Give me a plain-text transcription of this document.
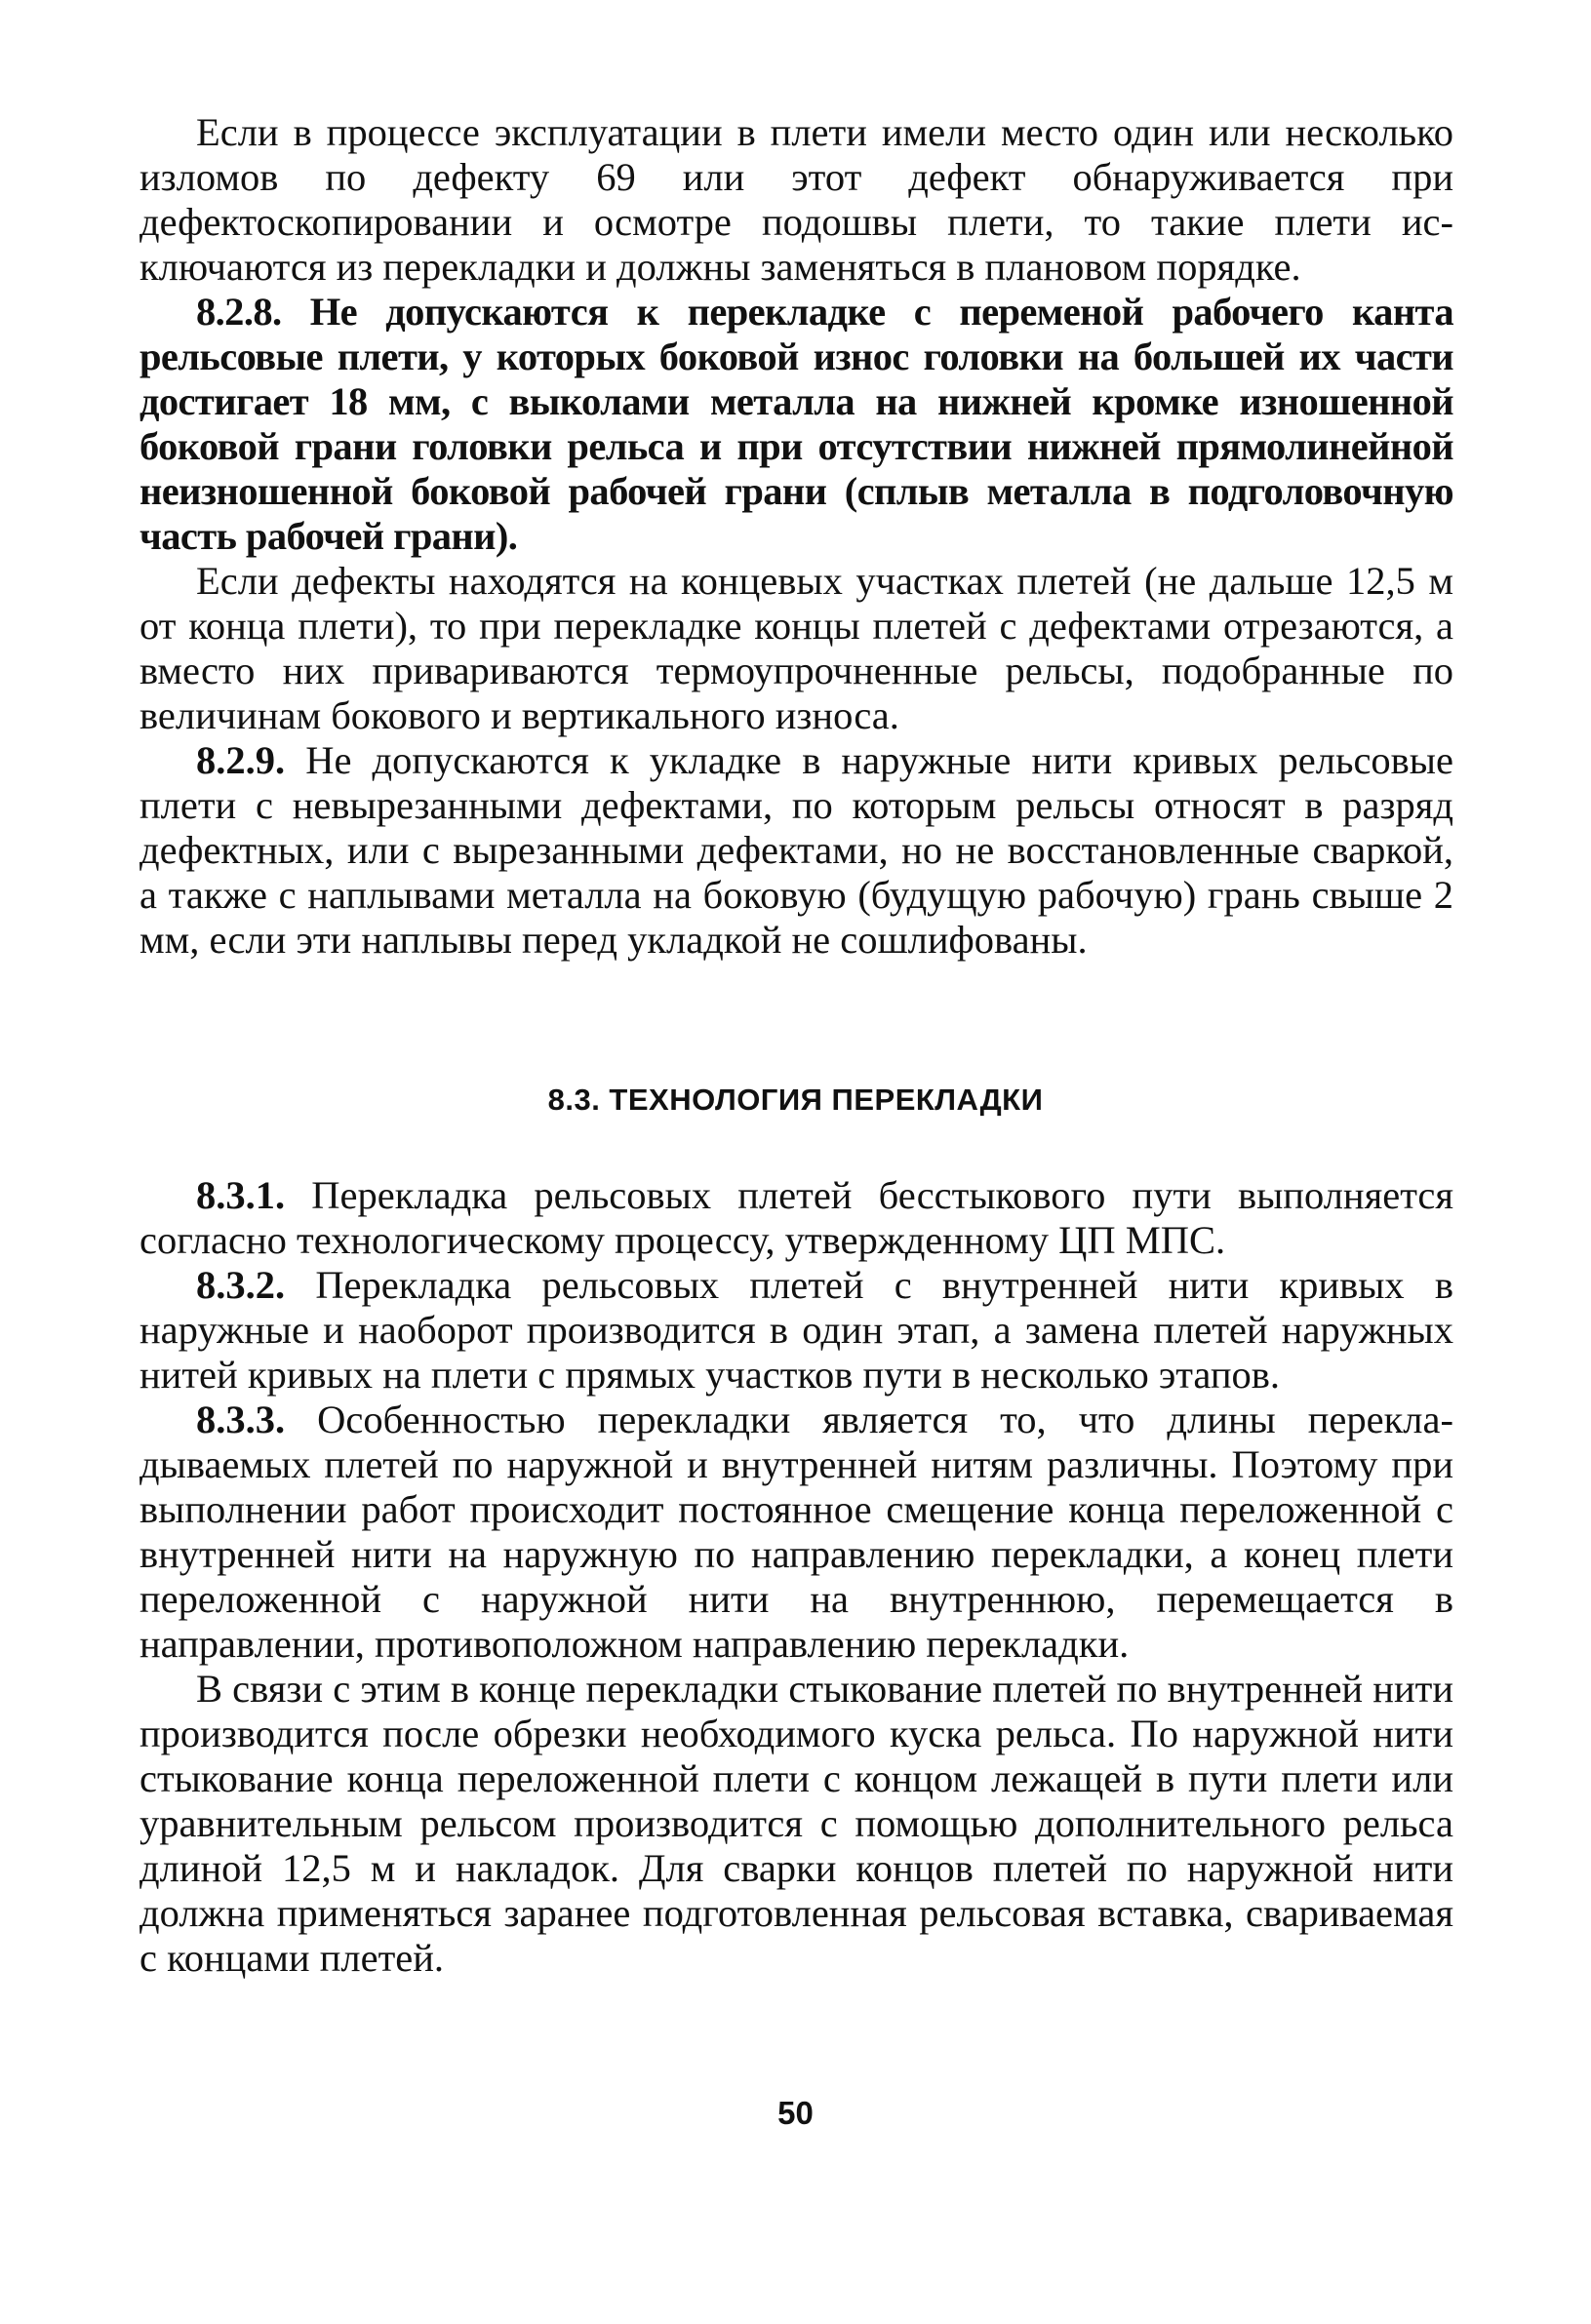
Если в процессе эксплуатации в плети имели место один или несколько изломов по дефекту 69 или этот дефект обнаруживается при дефектоскопировании и осмотре подошвы плети, то такие плети исключаются из перекладки и должны заменяться в плановом порядке.

8.2.8. Не допускаются к перекладке с переменой рабочего канта рельсовые плети, у которых боковой износ головки на большей их части достигает 18 мм, с выколами металла на нижней кромке изношенной боковой грани головки рельса и при отсутствии нижней прямолинейной неизношенной боковой рабочей грани (сплыв металла в подголовочную часть рабочей грани).

Если дефекты находятся на концевых участках плетей (не дальше 12,5 м от конца плети), то при перекладке концы плетей с дефектами отрезаются, а вместо них привариваются термоупрочненные рельсы, подобранные по величинам бокового и вертикального износа.

8.2.9. Не допускаются к укладке в наружные нити кривых рельсовые плети с невырезанными дефектами, по которым рельсы относят в разряд дефектных, или с вырезанными дефектами, но не восстановленные сваркой, а также с наплывами металла на боковую (будущую рабочую) грань свыше 2 мм, если эти наплывы перед укладкой не сошлифованы.

8.3. ТЕХНОЛОГИЯ ПЕРЕКЛАДКИ

8.3.1. Перекладка рельсовых плетей бесстыкового пути выполняется согласно технологическому процессу, утвержденному ЦП МПС.

8.3.2. Перекладка рельсовых плетей с внутренней нити кривых в наружные и наоборот производится в один этап, а замена плетей наружных нитей кривых на плети с прямых участков пути в несколько этапов.

8.3.3. Особенностью перекладки является то, что длины перекладываемых плетей по наружной и внутренней нитям различны. Поэтому при выполнении работ происходит постоянное смещение конца переложенной с внутренней нити на наружную по направлению перекладки, а конец плети переложенной с наружной нити на внутреннюю, перемещается в направлении, противоположном направлению перекладки.

В связи с этим в конце перекладки стыкование плетей по внутренней нити производится после обрезки необходимого куска рельса. По наружной нити стыкование конца переложенной плети с концом лежащей в пути плети или уравнительным рельсом производится с помощью дополнительного рельса длиной 12,5 м и накладок. Для сварки концов плетей по наружной нити должна применяться заранее подготовленная рельсовая вставка, свариваемая с концами плетей.

50
